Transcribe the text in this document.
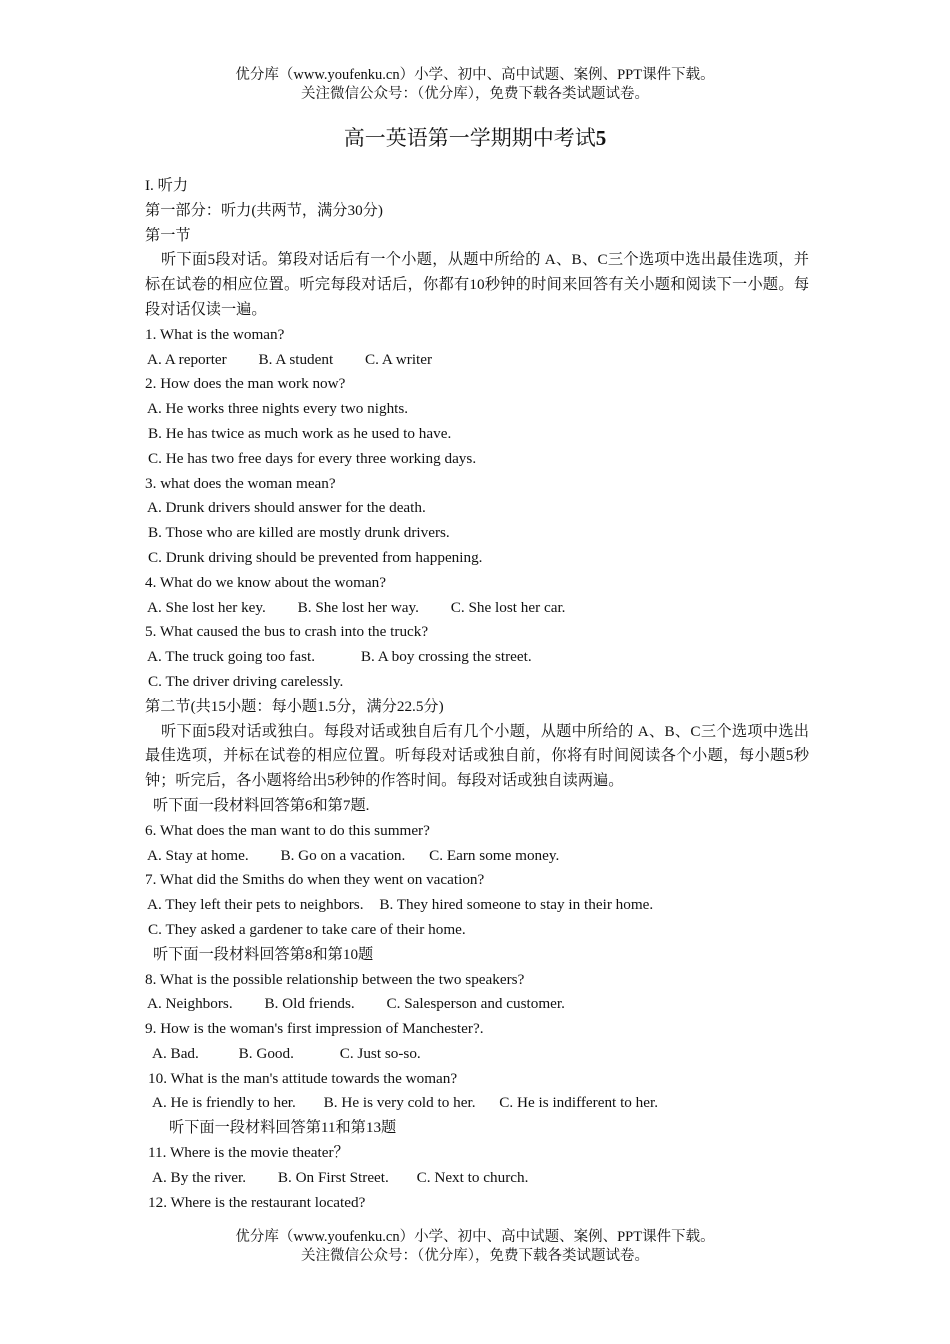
优分库（www.youfenku.cn）小学、初中、高中试题、案例、PPT课件下载。
关注微信公众号：（优分库），免费下载各类试题试卷。
高一英语第一学期期中考试5
I. 听力
第一部分：听力(共两节，满分30分)
第一节
听下面5段对话。第段对话后有一个小题，从题中所给的 A、B、C三个选项中选出最佳选项，并标在试卷的相应位置。听完每段对话后，你都有10秒钟的时间来回答有关小题和阅读下一小题。每段对话仅读一遍。
1. What is the woman?
A. A reporter B. A student C. A writer
2. How does the man work now?
A. He works three nights every two nights.
B. He has twice as much work as he used to have.
C. He has two free days for every three working days.
3. what does the woman mean?
A. Drunk drivers should answer for the death.
B. Those who are killed are mostly drunk drivers.
C. Drunk driving should be prevented from happening.
4. What do we know about the woman?
A. She lost her key. B. She lost her way. C. She lost her car.
5. What caused the bus to crash into the truck?
A. The truck going too fast.	B. A boy crossing the street.
C. The driver driving carelessly.
第二节(共15小题：每小题1.5分，满分22.5分)
听下面5段对话或独白。每段对话或独自后有几个小题，从题中所给的 A、B、C三个选项中选出最佳选项，并标在试卷的相应位置。听每段对话或独自前，你将有时间阅读各个小题，每小题5秒钟；听完后，各小题将给出5秒钟的作答时间。每段对话或独自读两遍。
听下面一段材料回答第6和第7题.
6. What does the man want to do this summer?
A. Stay at home. B. Go on a vacation. C. Earn some money.
7. What did the Smiths do when they went on vacation?
A. They left their pets to neighbors. B. They hired someone to stay in their home.
C. They asked a gardener to take care of their home.
听下面一段材料回答第8和第10题
8. What is the possible relationship between the two speakers?
A. Neighbors. B. Old friends. C. Salesperson and customer.
9. How is the woman's first impression of Manchester?.
A. Bad.	B. Good.	C. Just so-so.
10. What is the man's attitude towards the woman?
A. He is friendly to her. B. He is very cold to her. C. He is indifferent to her.
听下面一段材料回答第11和第13题
11. Where is the movie theater？
A. By the river. B. On First Street. C. Next to church.
12. Where is the restaurant located?
优分库（www.youfenku.cn）小学、初中、高中试题、案例、PPT课件下载。
关注微信公众号：（优分库），免费下载各类试题试卷。
